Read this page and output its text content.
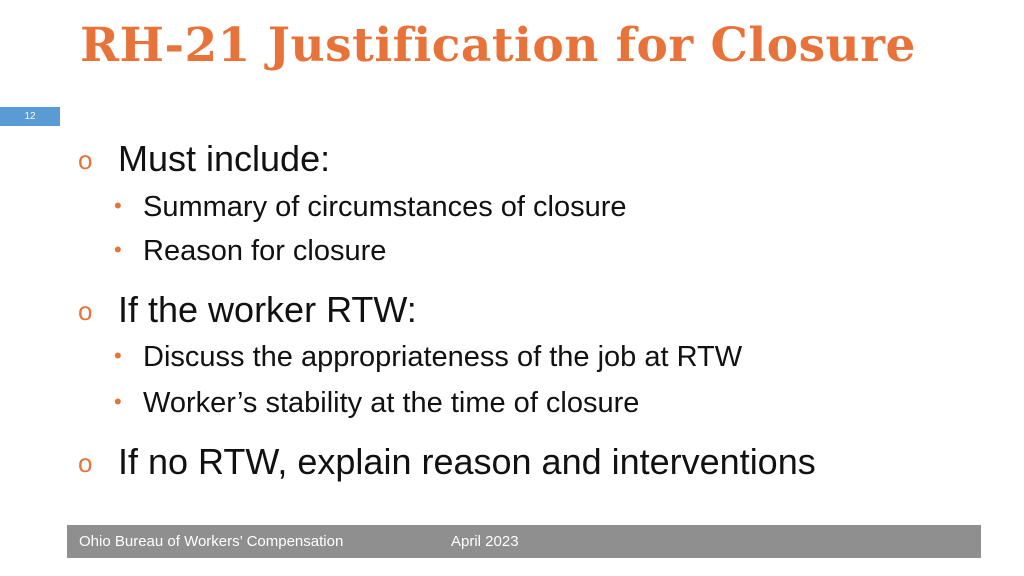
RH-21 Justification for Closure
12
o Must include:
• Summary of circumstances of closure
• Reason for closure
o If the worker RTW:
• Discuss the appropriateness of the job at RTW
• Worker’s stability at the time of closure
o If no RTW, explain reason and interventions
Ohio Bureau of Workers’ Compensation	April 2023
